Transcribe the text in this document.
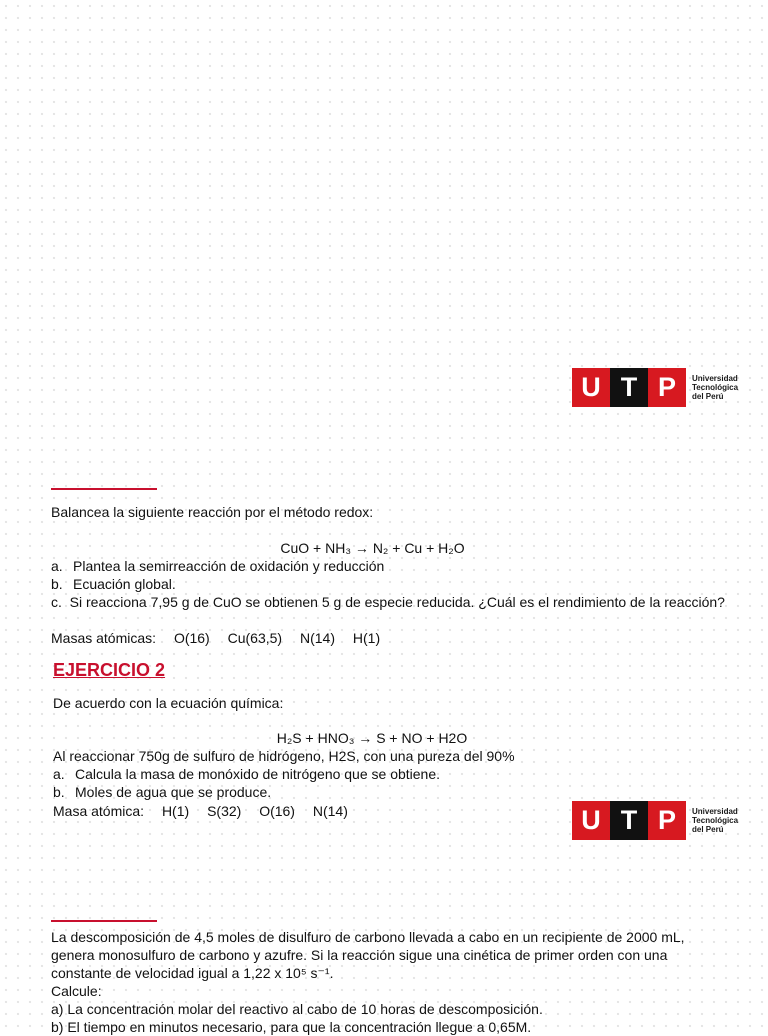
U T P	Universidad
Tecnológica
del Perú
Balancea la siguiente reacción por el método redox:
CuO + NH₃ → N₂ + Cu + H₂O
a. Plantea la semirreacción de oxidación y reducción
b. Ecuación global.
c. Si reacciona 7,95 g de CuO se obtienen 5 g de especie reducida. ¿Cuál es el rendimiento de la reacción?
Masas atómicas: O(16) Cu(63,5) N(14) H(1)
EJERCICIO 2
De acuerdo con la ecuación química:
H₂S + HNO₃ → S + NO + H2O
Al reaccionar 750g de sulfuro de hidrógeno, H2S, con una pureza del 90%
a. Calcula la masa de monóxido de nitrógeno que se obtiene.
b. Moles de agua que se produce.
Masa atómica: H(1) S(32) O(16) N(14)	U T P	Universidad
Tecnológica
del Perú
La descomposición de 4,5 moles de disulfuro de carbono llevada a cabo en un recipiente de 2000 mL, genera monosulfuro de carbono y azufre. Si la reacción sigue una cinética de primer orden con una constante de velocidad igual a 1,22 x 10⁵ s⁻¹.
Calcule:
a) La concentración molar del reactivo al cabo de 10 horas de descomposición.
b) El tiempo en minutos necesario, para que la concentración llegue a 0,65M.
